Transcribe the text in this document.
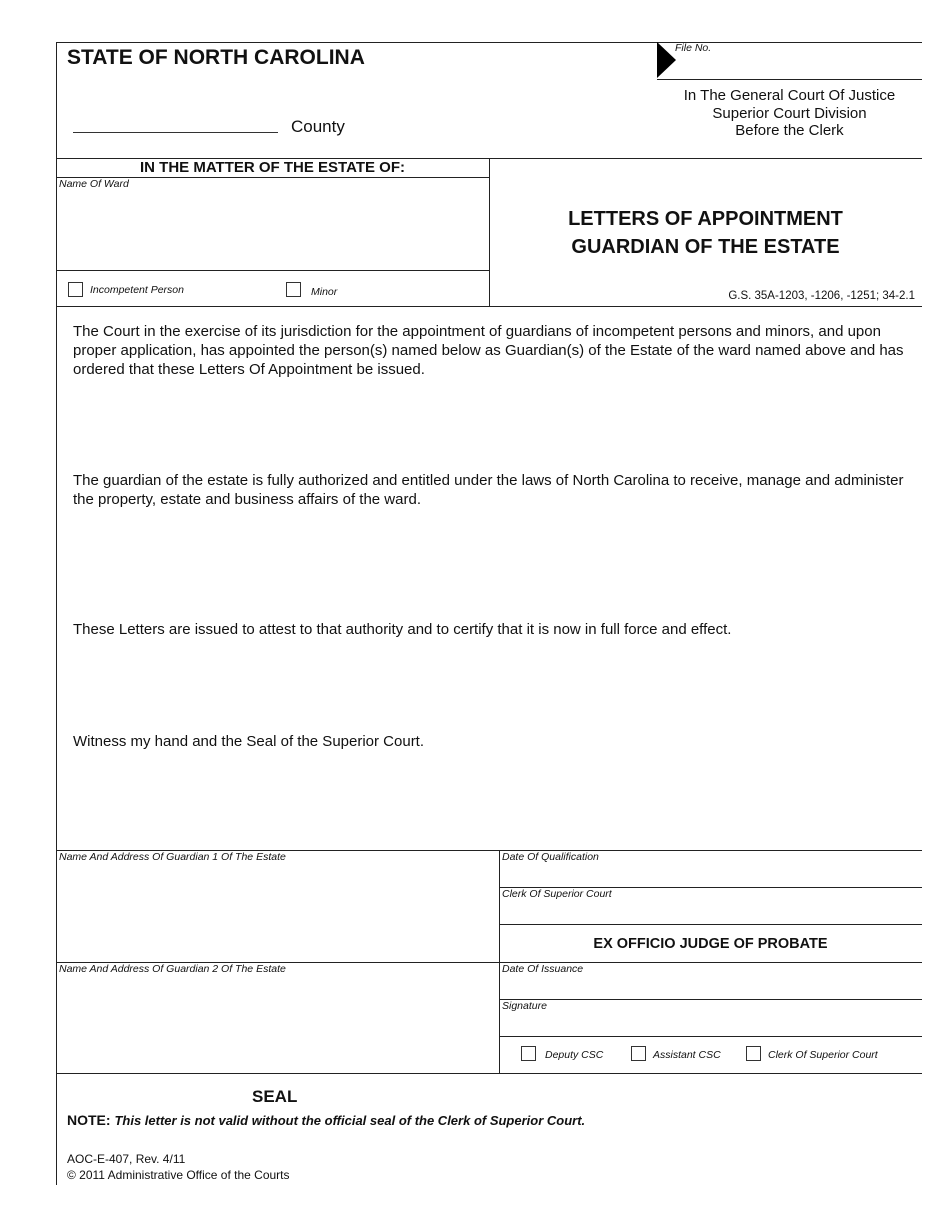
STATE OF NORTH CAROLINA
County
File No.
In The General Court Of Justice
Superior Court Division
Before the Clerk
IN THE MATTER OF THE ESTATE OF:
Name Of Ward
Incompetent Person	Minor
LETTERS OF APPOINTMENT
GUARDIAN OF THE ESTATE
G.S. 35A-1203, -1206, -1251; 34-2.1
The Court in the exercise of its jurisdiction for the appointment of guardians of incompetent persons and minors, and upon proper application, has appointed the person(s) named below as Guardian(s) of the Estate of the ward named above and has ordered that these Letters Of Appointment be issued.
The guardian of the estate is fully authorized and entitled under the laws of North Carolina to receive, manage and administer the property, estate and business affairs of the ward.
These Letters are issued to attest to that authority and to certify that it is now in full force and effect.
Witness my hand and the Seal of the Superior Court.
Name And Address Of Guardian 1 Of The Estate
Name And Address Of Guardian 2 Of The Estate
Date Of Qualification
Clerk Of Superior Court
EX OFFICIO JUDGE OF PROBATE
Date Of Issuance
Signature
Deputy CSC	Assistant CSC	Clerk Of Superior Court
SEAL
NOTE: This letter is not valid without the official seal of the Clerk of Superior Court.
AOC-E-407, Rev. 4/11
© 2011 Administrative Office of the Courts
